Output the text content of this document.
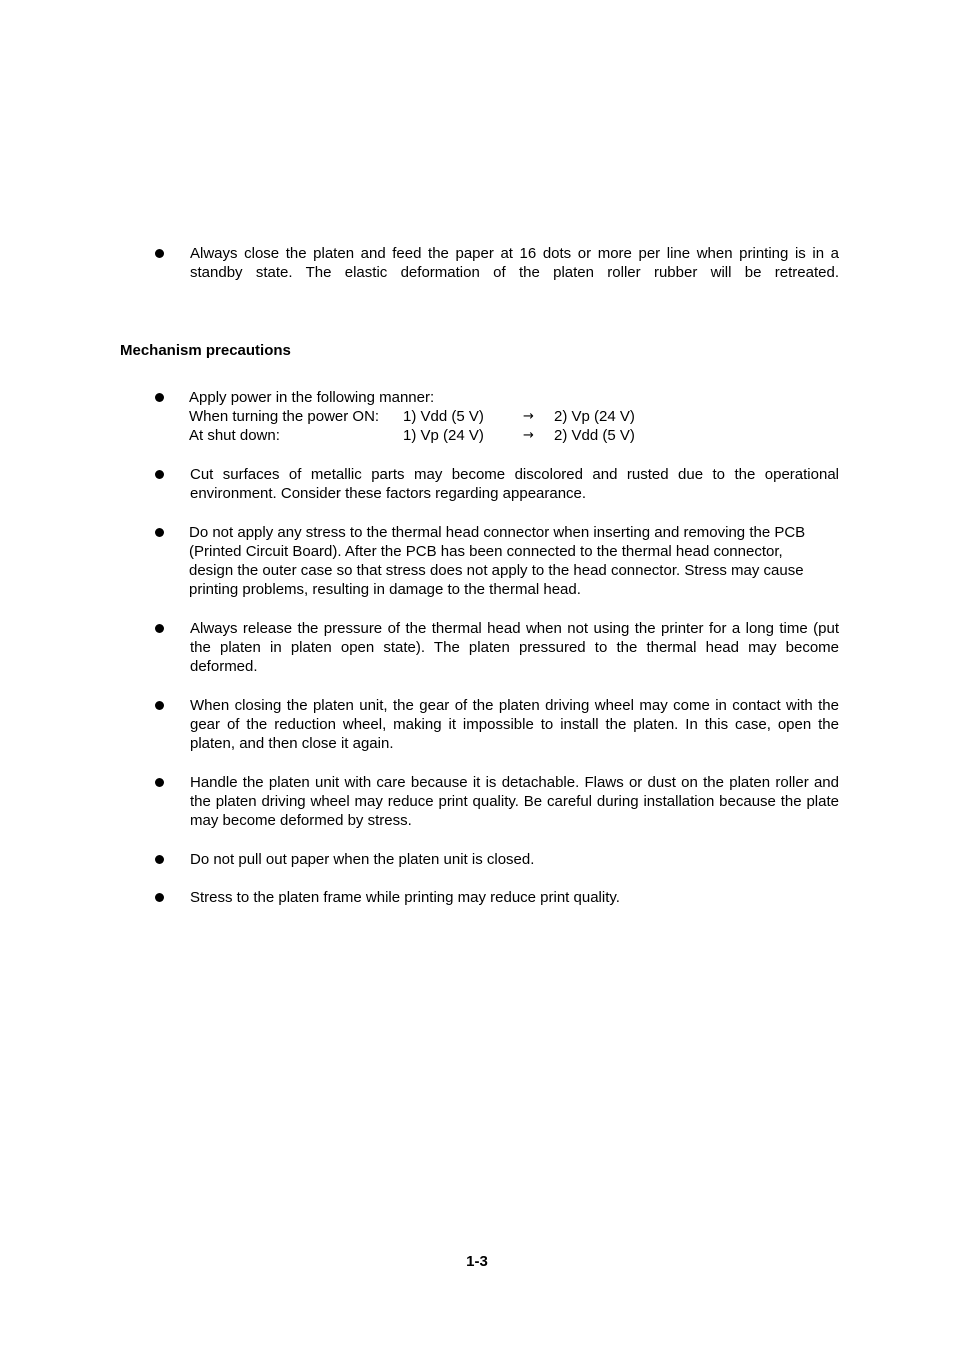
Always close the platen and feed the paper at 16 dots or more per line when printing is in a standby state. The elastic deformation of the platen roller rubber will be retreated.
Mechanism precautions
Apply power in the following manner:
When turning the power ON:	1) Vdd (5 V)	→	2) Vp (24 V)
At shut down:	1) Vp (24 V)	→	2) Vdd (5 V)
Cut surfaces of metallic parts may become discolored and rusted due to the operational environment. Consider these factors regarding appearance.
Do not apply any stress to the thermal head connector when inserting and removing the PCB (Printed Circuit Board). After the PCB has been connected to the thermal head connector, design the outer case so that stress does not apply to the head connector. Stress may cause printing problems, resulting in damage to the thermal head.
Always release the pressure of the thermal head when not using the printer for a long time (put the platen in platen open state). The platen pressured to the thermal head may become deformed.
When closing the platen unit, the gear of the platen driving wheel may come in contact with the gear of the reduction wheel, making it impossible to install the platen. In this case, open the platen, and then close it again.
Handle the platen unit with care because it is detachable. Flaws or dust on the platen roller and the platen driving wheel may reduce print quality. Be careful during installation because the plate may become deformed by stress.
Do not pull out paper when the platen unit is closed.
Stress to the platen frame while printing may reduce print quality.
1-3
